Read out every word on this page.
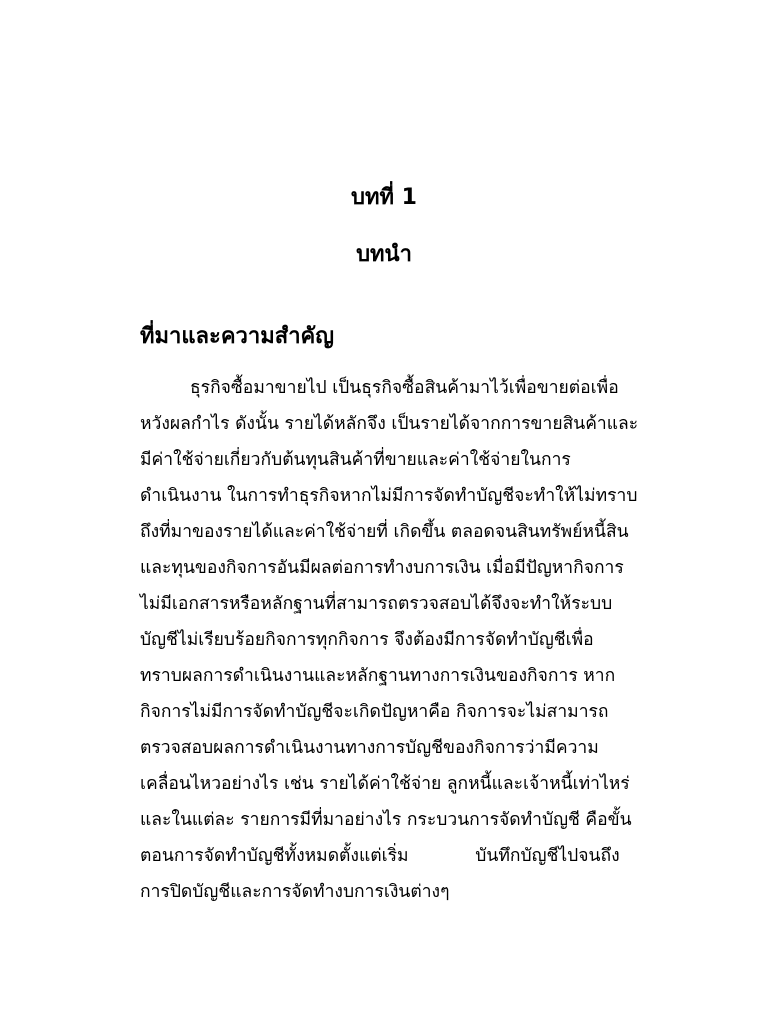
บทที่ 1
บทนำ
ที่มาและความสำคัญ
ธุรกิจซื้อมาขายไป เป็นธุรกิจซื้อสินค้ามาไว้เพื่อขายต่อเพื่อ
หวังผลกำไร ดังนั้น รายได้หลักจึง เป็นรายได้จากการขายสินค้าและ
มีค่าใช้จ่ายเกี่ยวกับต้นทุนสินค้าที่ขายและค่าใช้จ่ายในการ
ดำเนินงาน ในการทำธุรกิจหากไม่มีการจัดทำบัญชีจะทำให้ไม่ทราบ
ถึงที่มาของรายได้และค่าใช้จ่ายที่ เกิดขึ้น ตลอดจนสินทรัพย์หนี้สิน
และทุนของกิจการอันมีผลต่อการทำงบการเงิน เมื่อมีปัญหากิจการ
ไม่มีเอกสารหรือหลักฐานที่สามารถตรวจสอบได้จึงจะทำให้ระบบ
บัญชีไม่เรียบร้อยกิจการทุกกิจการ จึงต้องมีการจัดทำบัญชีเพื่อ
ทราบผลการดำเนินงานและหลักฐานทางการเงินของกิจการ หาก
กิจการไม่มีการจัดทำบัญชีจะเกิดปัญหาคือ กิจการจะไม่สามารถ
ตรวจสอบผลการดำเนินงานทางการบัญชีของกิจการว่ามีความ
เคลื่อนไหวอย่างไร เช่น รายได้ค่าใช้จ่าย ลูกหนี้และเจ้าหนี้เท่าไหร่
และในแต่ละ รายการมีที่มาอย่างไร กระบวนการจัดทำบัญชี คือขั้น
ตอนการจัดทำบัญชีทั้งหมดตั้งแต่เริ่ม            บันทึกบัญชีไปจนถึง
การปิดบัญชีและการจัดทำงบการเงินต่างๆ
